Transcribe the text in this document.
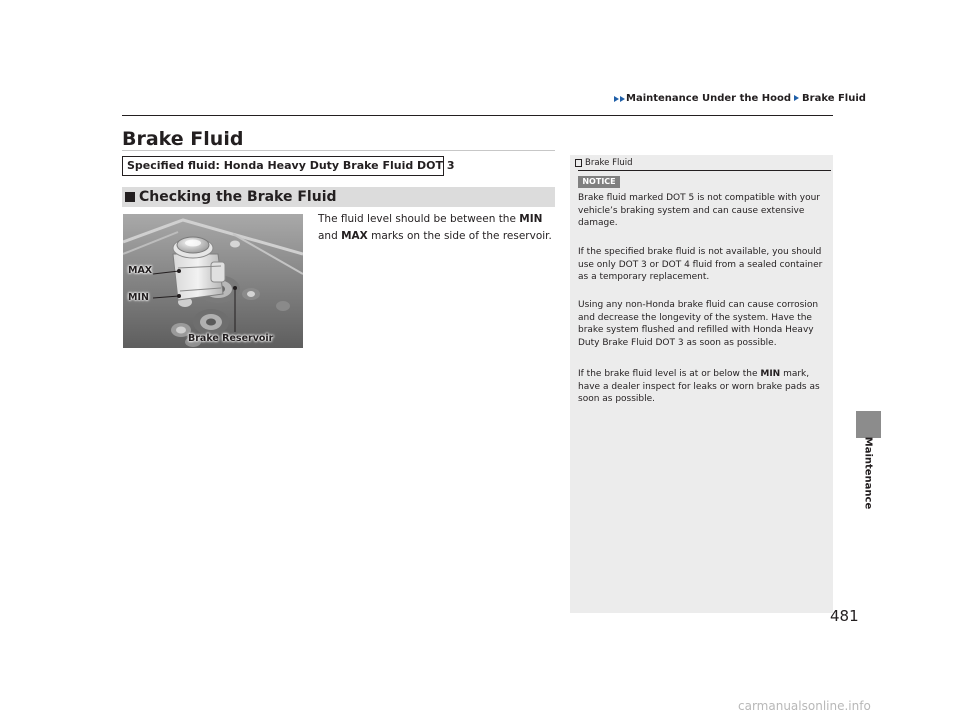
Maintenance Under the Hood Brake Fluid
Brake Fluid
Specified fluid: Honda Heavy Duty Brake Fluid DOT 3
Checking the Brake Fluid
MAX
MIN
Brake Reservoir
The fluid level should be between the MIN and MAX marks on the side of the reservoir.
Brake Fluid
NOTICE
Brake fluid marked DOT 5 is not compatible with your vehicle’s braking system and can cause extensive damage.
If the specified brake fluid is not available, you should use only DOT 3 or DOT 4 fluid from a sealed container as a temporary replacement.
Using any non-Honda brake fluid can cause corrosion and decrease the longevity of the system. Have the brake system flushed and refilled with Honda Heavy Duty Brake Fluid DOT 3 as soon as possible.
If the brake fluid level is at or below the MIN mark, have a dealer inspect for leaks or worn brake pads as soon as possible.
Maintenance
481
carmanualsonline.info
